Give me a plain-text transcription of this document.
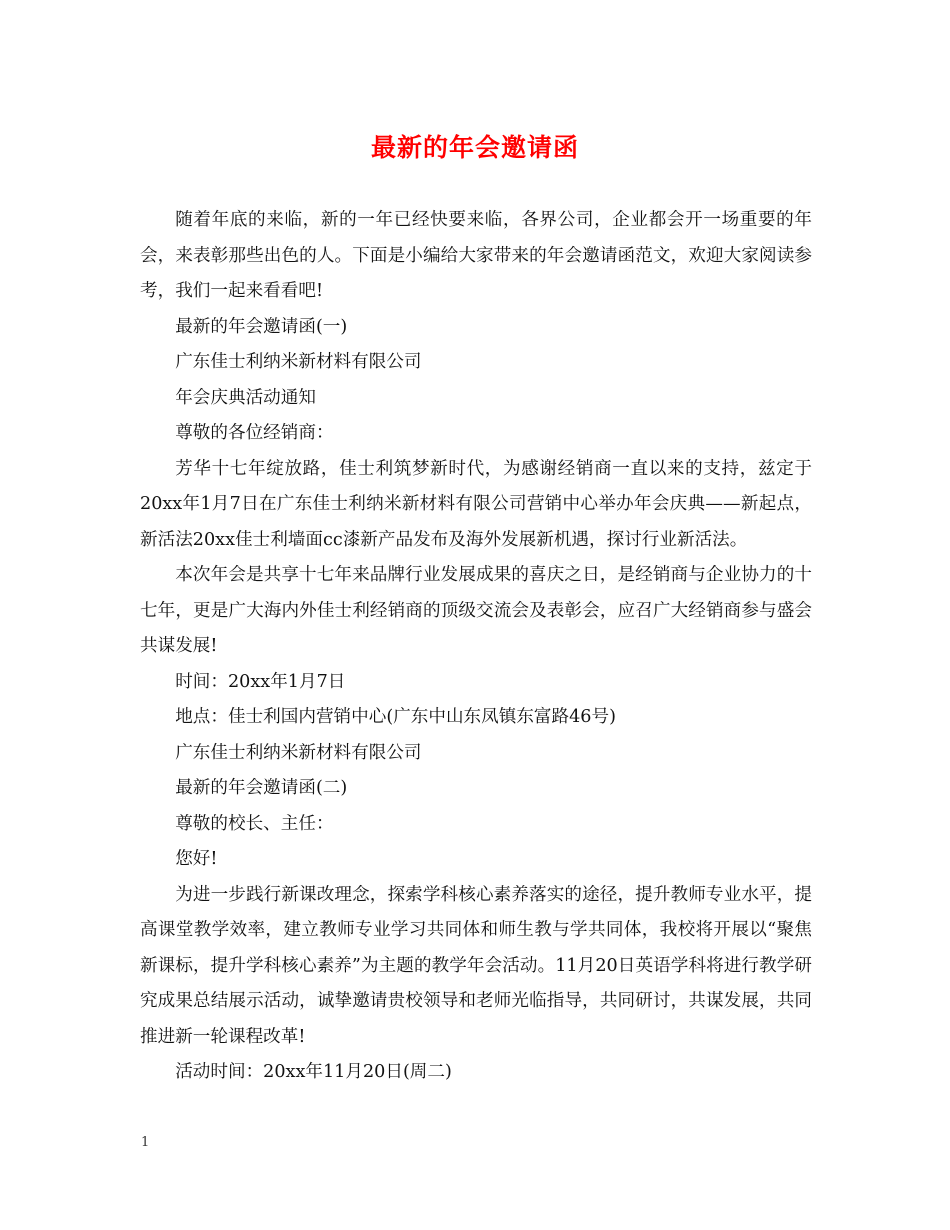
最新的年会邀请函

随着年底的来临，新的一年已经快要来临，各界公司，企业都会开一场重要的年会，来表彰那些出色的人。下面是小编给大家带来的年会邀请函范文，欢迎大家阅读参考，我们一起来看看吧!

最新的年会邀请函(一)

广东佳士利纳米新材料有限公司

年会庆典活动通知

尊敬的各位经销商：

芳华十七年绽放路，佳士利筑梦新时代，为感谢经销商一直以来的支持，兹定于20xx年1月7日在广东佳士利纳米新材料有限公司营销中心举办年会庆典——新起点，新活法20xx佳士利墙面cc漆新产品发布及海外发展新机遇，探讨行业新活法。

本次年会是共享十七年来品牌行业发展成果的喜庆之日，是经销商与企业协力的十七年，更是广大海内外佳士利经销商的顶级交流会及表彰会，应召广大经销商参与盛会共谋发展!

时间：20xx年1月7日

地点：佳士利国内营销中心(广东中山东凤镇东富路46号)

广东佳士利纳米新材料有限公司

最新的年会邀请函(二)

尊敬的校长、主任：

您好!

为进一步践行新课改理念，探索学科核心素养落实的途径，提升教师专业水平，提高课堂教学效率，建立教师专业学习共同体和师生教与学共同体，我校将开展以“聚焦新课标，提升学科核心素养”为主题的教学年会活动。11月20日英语学科将进行教学研究成果总结展示活动，诚挚邀请贵校领导和老师光临指导，共同研讨，共谋发展，共同推进新一轮课程改革!

活动时间：20xx年11月20日(周二)

1
